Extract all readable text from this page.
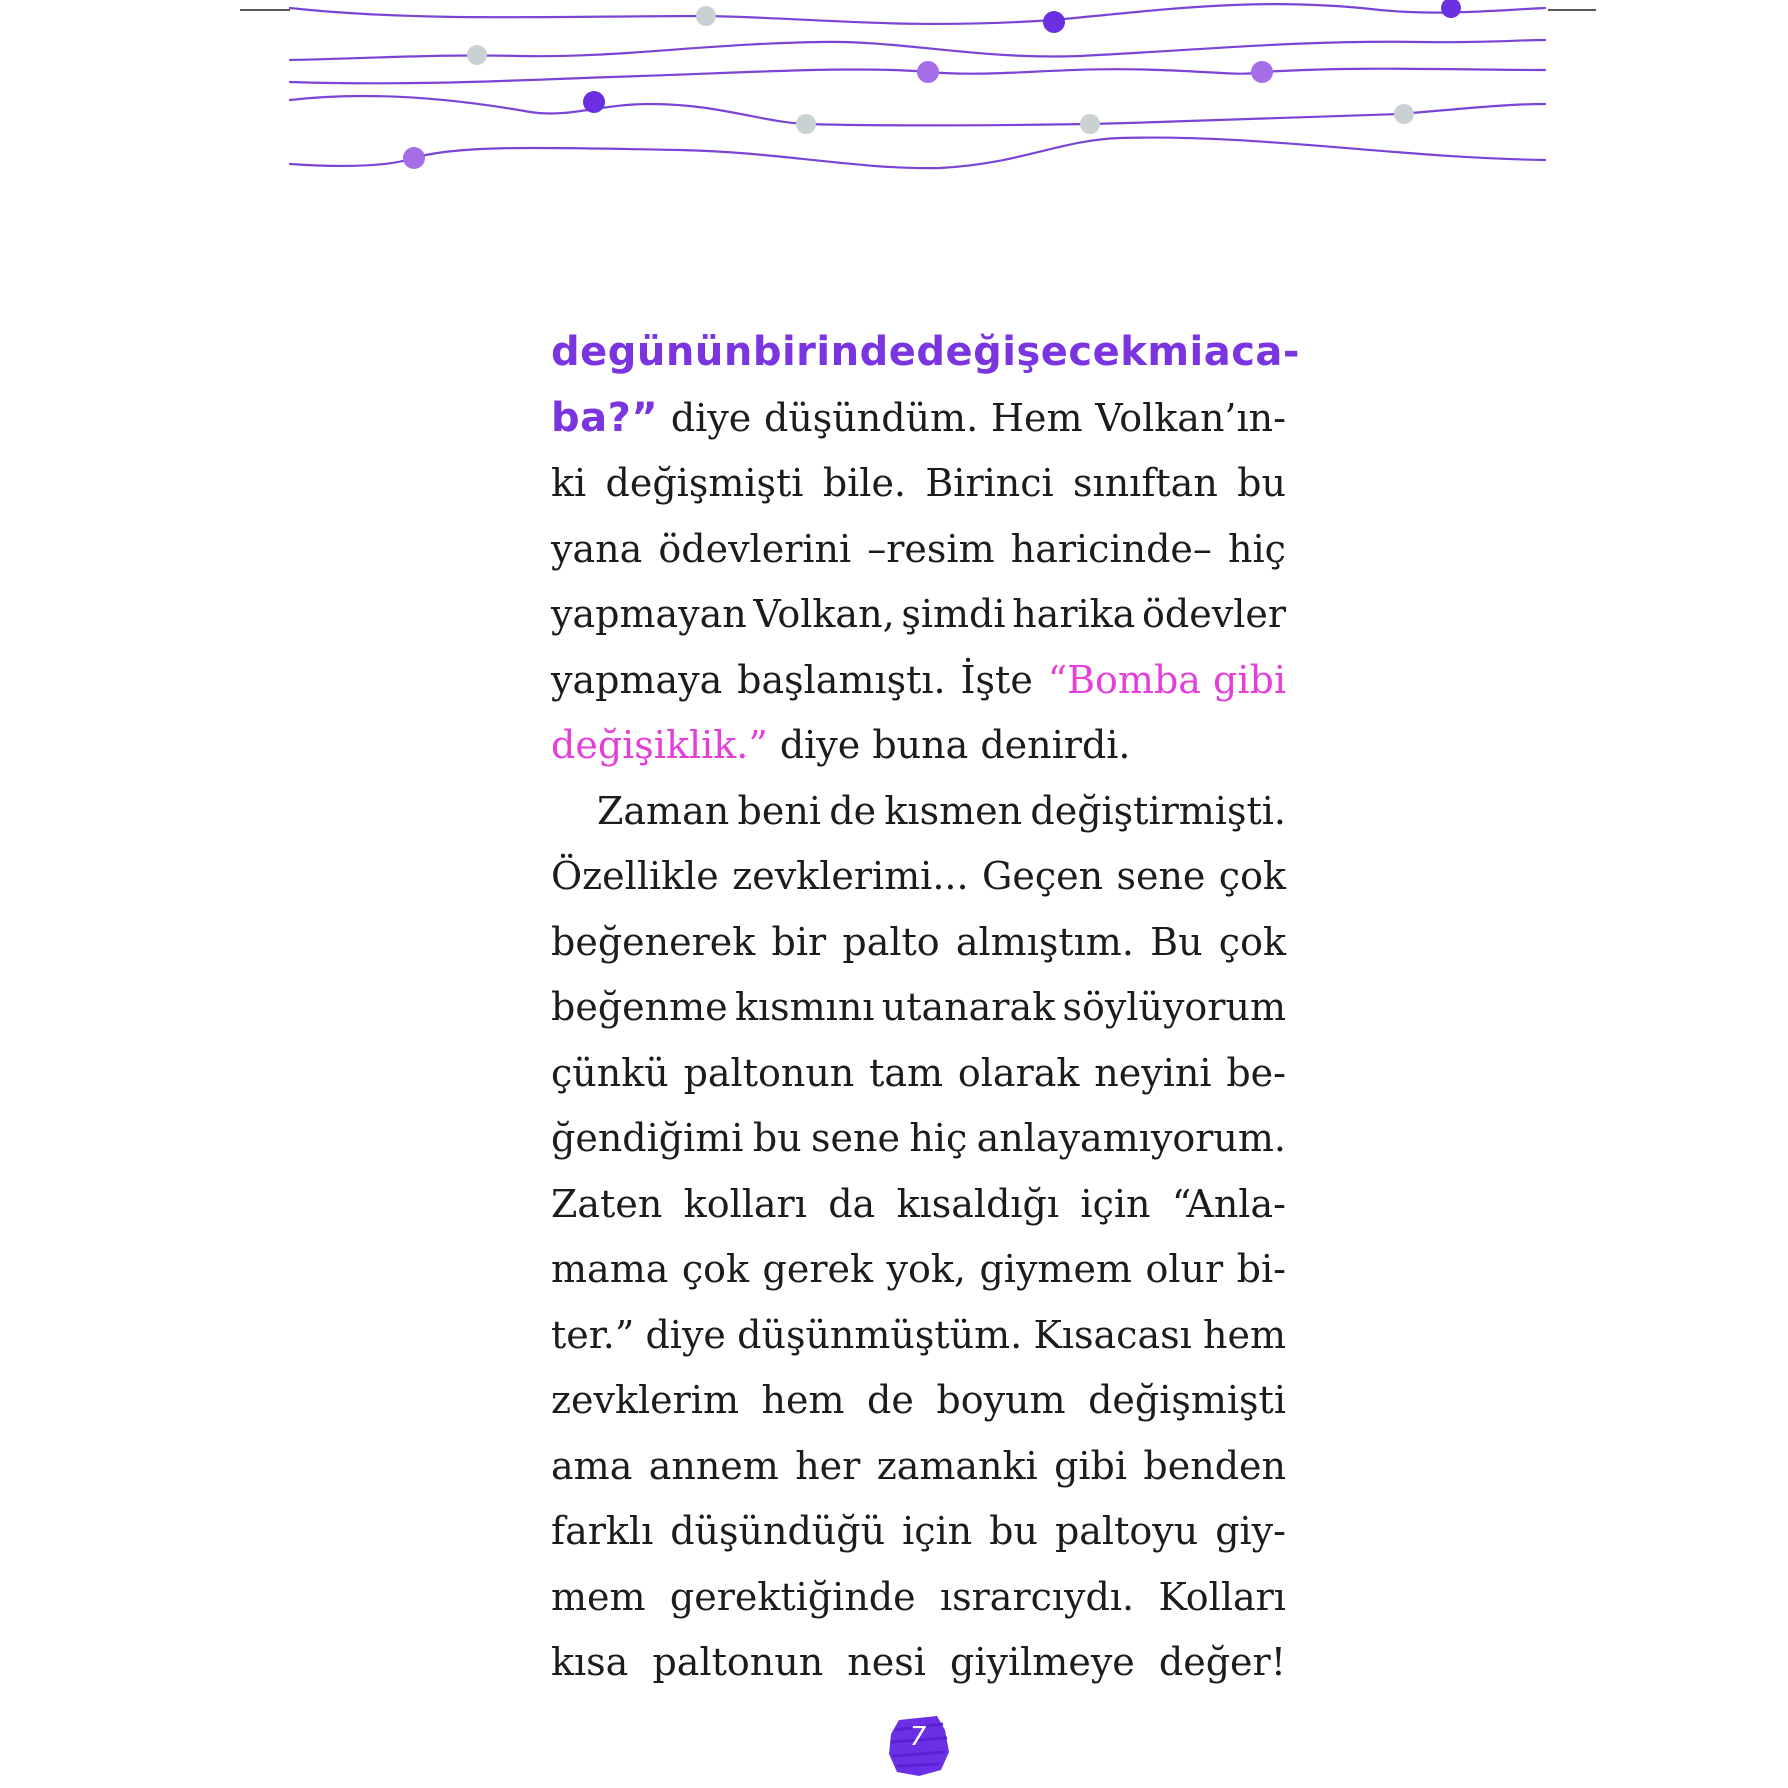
de günün birinde değişecek mi aca-
ba?” diye düşündüm. Hem Volkan’ın-
ki değişmişti bile. Birinci sınıftan bu
yana ödevlerini –resim haricinde– hiç
yapmayan Volkan, şimdi harika ödevler
yapmaya başlamıştı. İşte “Bomba gibi
değişiklik.” diye buna denirdi.
Zaman beni de kısmen değiştirmişti.
Özellikle zevklerimi... Geçen sene çok
beğenerek bir palto almıştım. Bu çok
beğenme kısmını utanarak söylüyorum
çünkü paltonun tam olarak neyini be-
ğendiğimi bu sene hiç anlayamıyorum.
Zaten kolları da kısaldığı için “Anla-
mama çok gerek yok, giymem olur bi-
ter.” diye düşünmüştüm. Kısacası hem
zevklerim hem de boyum değişmişti
ama annem her zamanki gibi benden
farklı düşündüğü için bu paltoyu giy-
mem gerektiğinde ısrarcıydı. Kolları
kısa paltonun nesi giyilmeye değer!
7
